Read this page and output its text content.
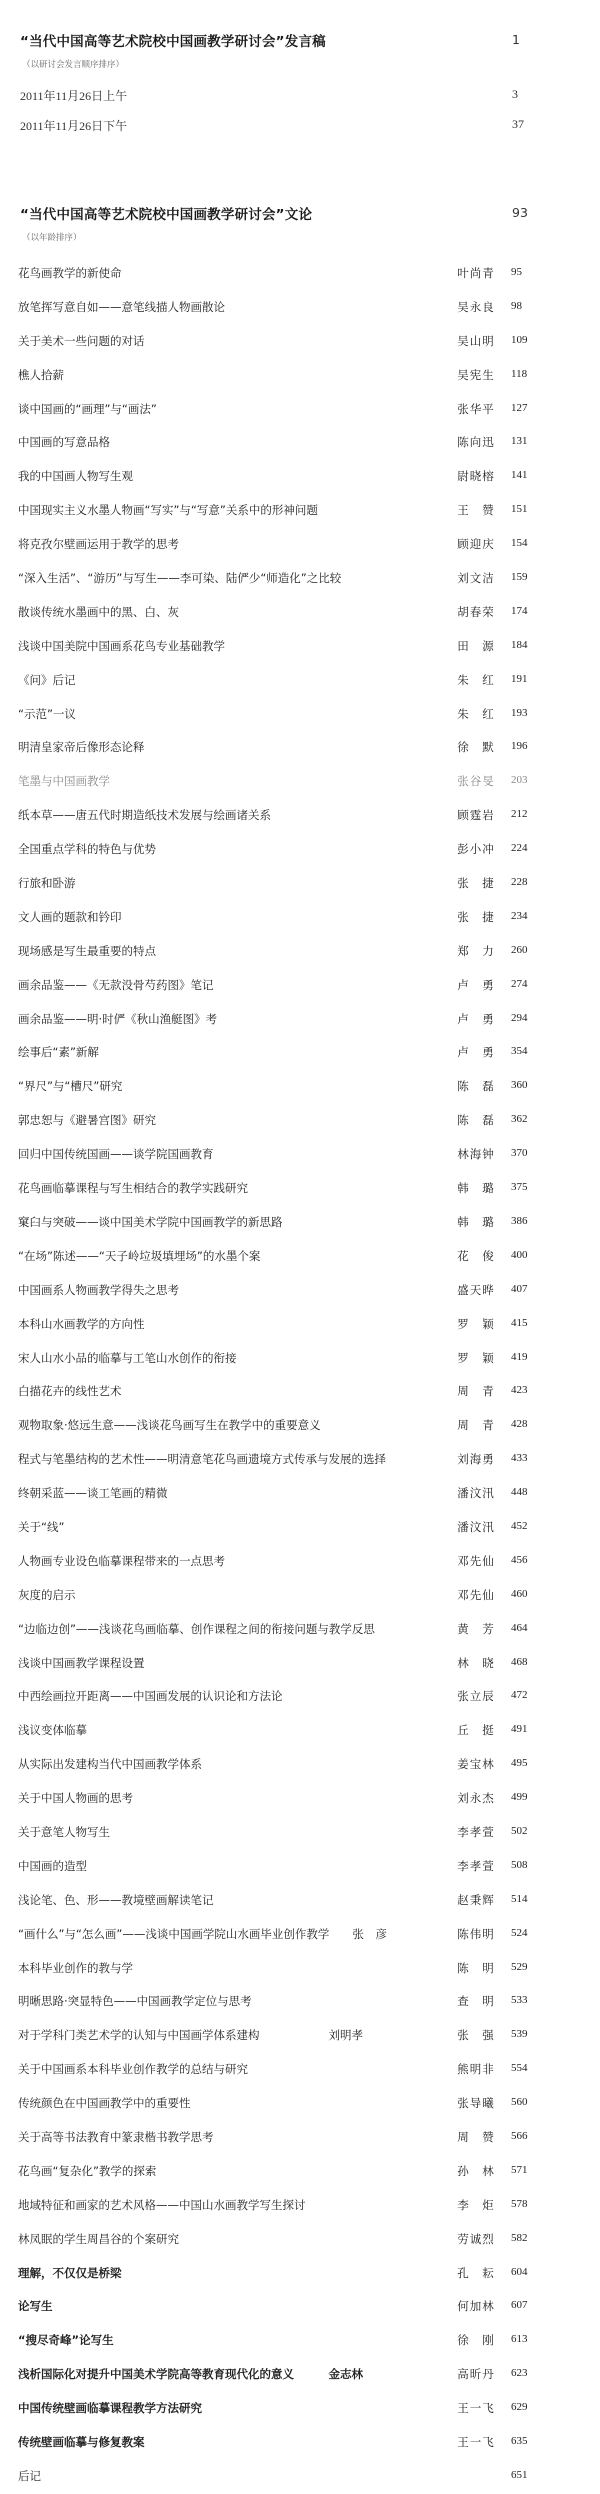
“当代中国高等艺术院校中国画教学研讨会”发言稿	1
（以研讨会发言顺序排序）
2011年11月26日上午	3
2011年11月26日下午	37
“当代中国高等艺术院校中国画教学研讨会”文论	93
（以年龄排序）
花鸟画教学的新使命	叶尚青	95
放笔挥写意自如——意笔线描人物画散论	吴永良	98
关于美术一些问题的对话	吴山明	109
樵人拾薪	吴宪生	118
谈中国画的“画理”与“画法”	张华平	127
中国画的写意品格	陈向迅	131
我的中国画人物写生观	尉晓榕	141
中国现实主义水墨人物画“写实”与“写意”关系中的形神问题	王　赞	151
将克孜尔壁画运用于教学的思考	顾迎庆	154
“深入生活”、“游历”与写生——李可染、陆俨少“师造化”之比较	刘文洁	159
散谈传统水墨画中的黑、白、灰	胡春荣	174
浅谈中国美院中国画系花鸟专业基础教学	田　源	184
《问》后记	朱　红	191
“示范”一议	朱　红	193
明清皇家帝后像形态论释	徐　默	196
笔墨与中国画教学	张谷旻	203
纸本草——唐五代时期造纸技术发展与绘画诸关系	顾霆岩	212
全国重点学科的特色与优势	彭小冲	224
行旅和卧游	张　捷	228
文人画的题款和钤印	张　捷	234
现场感是写生最重要的特点	郑　力	260
画余品鉴——《无款没骨芍药图》笔记	卢　勇	274
画余品鉴——明·时俨《秋山渔艇图》考	卢　勇	294
绘事后“素”新解	卢　勇	354
“界尺”与“槽尺”研究	陈　磊	360
郭忠恕与《避暑宫图》研究	陈　磊	362
回归中国传统国画——谈学院国画教育	林海钟	370
花鸟画临摹课程与写生相结合的教学实践研究	韩　璐	375
窠臼与突破——谈中国美术学院中国画教学的新思路	韩　璐	386
“在场”陈述——“天子岭垃圾填埋场”的水墨个案	花　俊	400
中国画系人物画教学得失之思考	盛天晔	407
本科山水画教学的方向性	罗　颖	415
宋人山水小品的临摹与工笔山水创作的衔接	罗　颖	419
白描花卉的线性艺术	周　青	423
观物取象·悠远生意——浅谈花鸟画写生在教学中的重要意义	周　青	428
程式与笔墨结构的艺术性——明清意笔花鸟画遗境方式传承与发展的选择	刘海勇	433
终朝采蓝——谈工笔画的精微	潘汶汛	448
关于“线”	潘汶汛	452
人物画专业设色临摹课程带来的一点思考	邓先仙	456
灰度的启示	邓先仙	460
“边临边创”——浅谈花鸟画临摹、创作课程之间的衔接问题与教学反思	黄　芳	464
浅谈中国画教学课程设置	林　晓	468
中西绘画拉开距离——中国画发展的认识论和方法论	张立辰	472
浅议变体临摹	丘　挺	491
从实际出发建构当代中国画教学体系	姜宝林	495
关于中国人物画的思考	刘永杰	499
关于意笔人物写生	李孝萱	502
中国画的造型	李孝萱	508
浅论笔、色、形——教境壁画解读笔记	赵秉辉	514
“画什么”与“怎么画”——浅谈中国画学院山水画毕业创作教学　　张　彦	陈伟明	524
本科毕业创作的教与学	陈　明	529
明晰思路·突显特色——中国画教学定位与思考	查　明	533
对于学科门类艺术学的认知与中国画学体系建构　　　　　　刘明孝	张　强	539
关于中国画系本科毕业创作教学的总结与研究	熊明非	554
传统颜色在中国画教学中的重要性	张导曦	560
关于高等书法教育中篆隶楷书教学思考	周　赞	566
花鸟画“复杂化”教学的探索	孙　林	571
地域特征和画家的艺术风格——中国山水画教学写生探讨	李　炬	578
林凤眠的学生周昌谷的个案研究	劳诚烈	582
理解，不仅仅是桥梁	孔　耘	604
论写生	何加林	607
“搜尽奇峰”论写生	徐　刚	613
浅析国际化对提升中国美术学院高等教育现代化的意义　　　金志林	高昕丹	623
中国传统壁画临摹课程教学方法研究	王一飞	629
传统壁画临摹与修复教案	王一飞	635
后记	651
